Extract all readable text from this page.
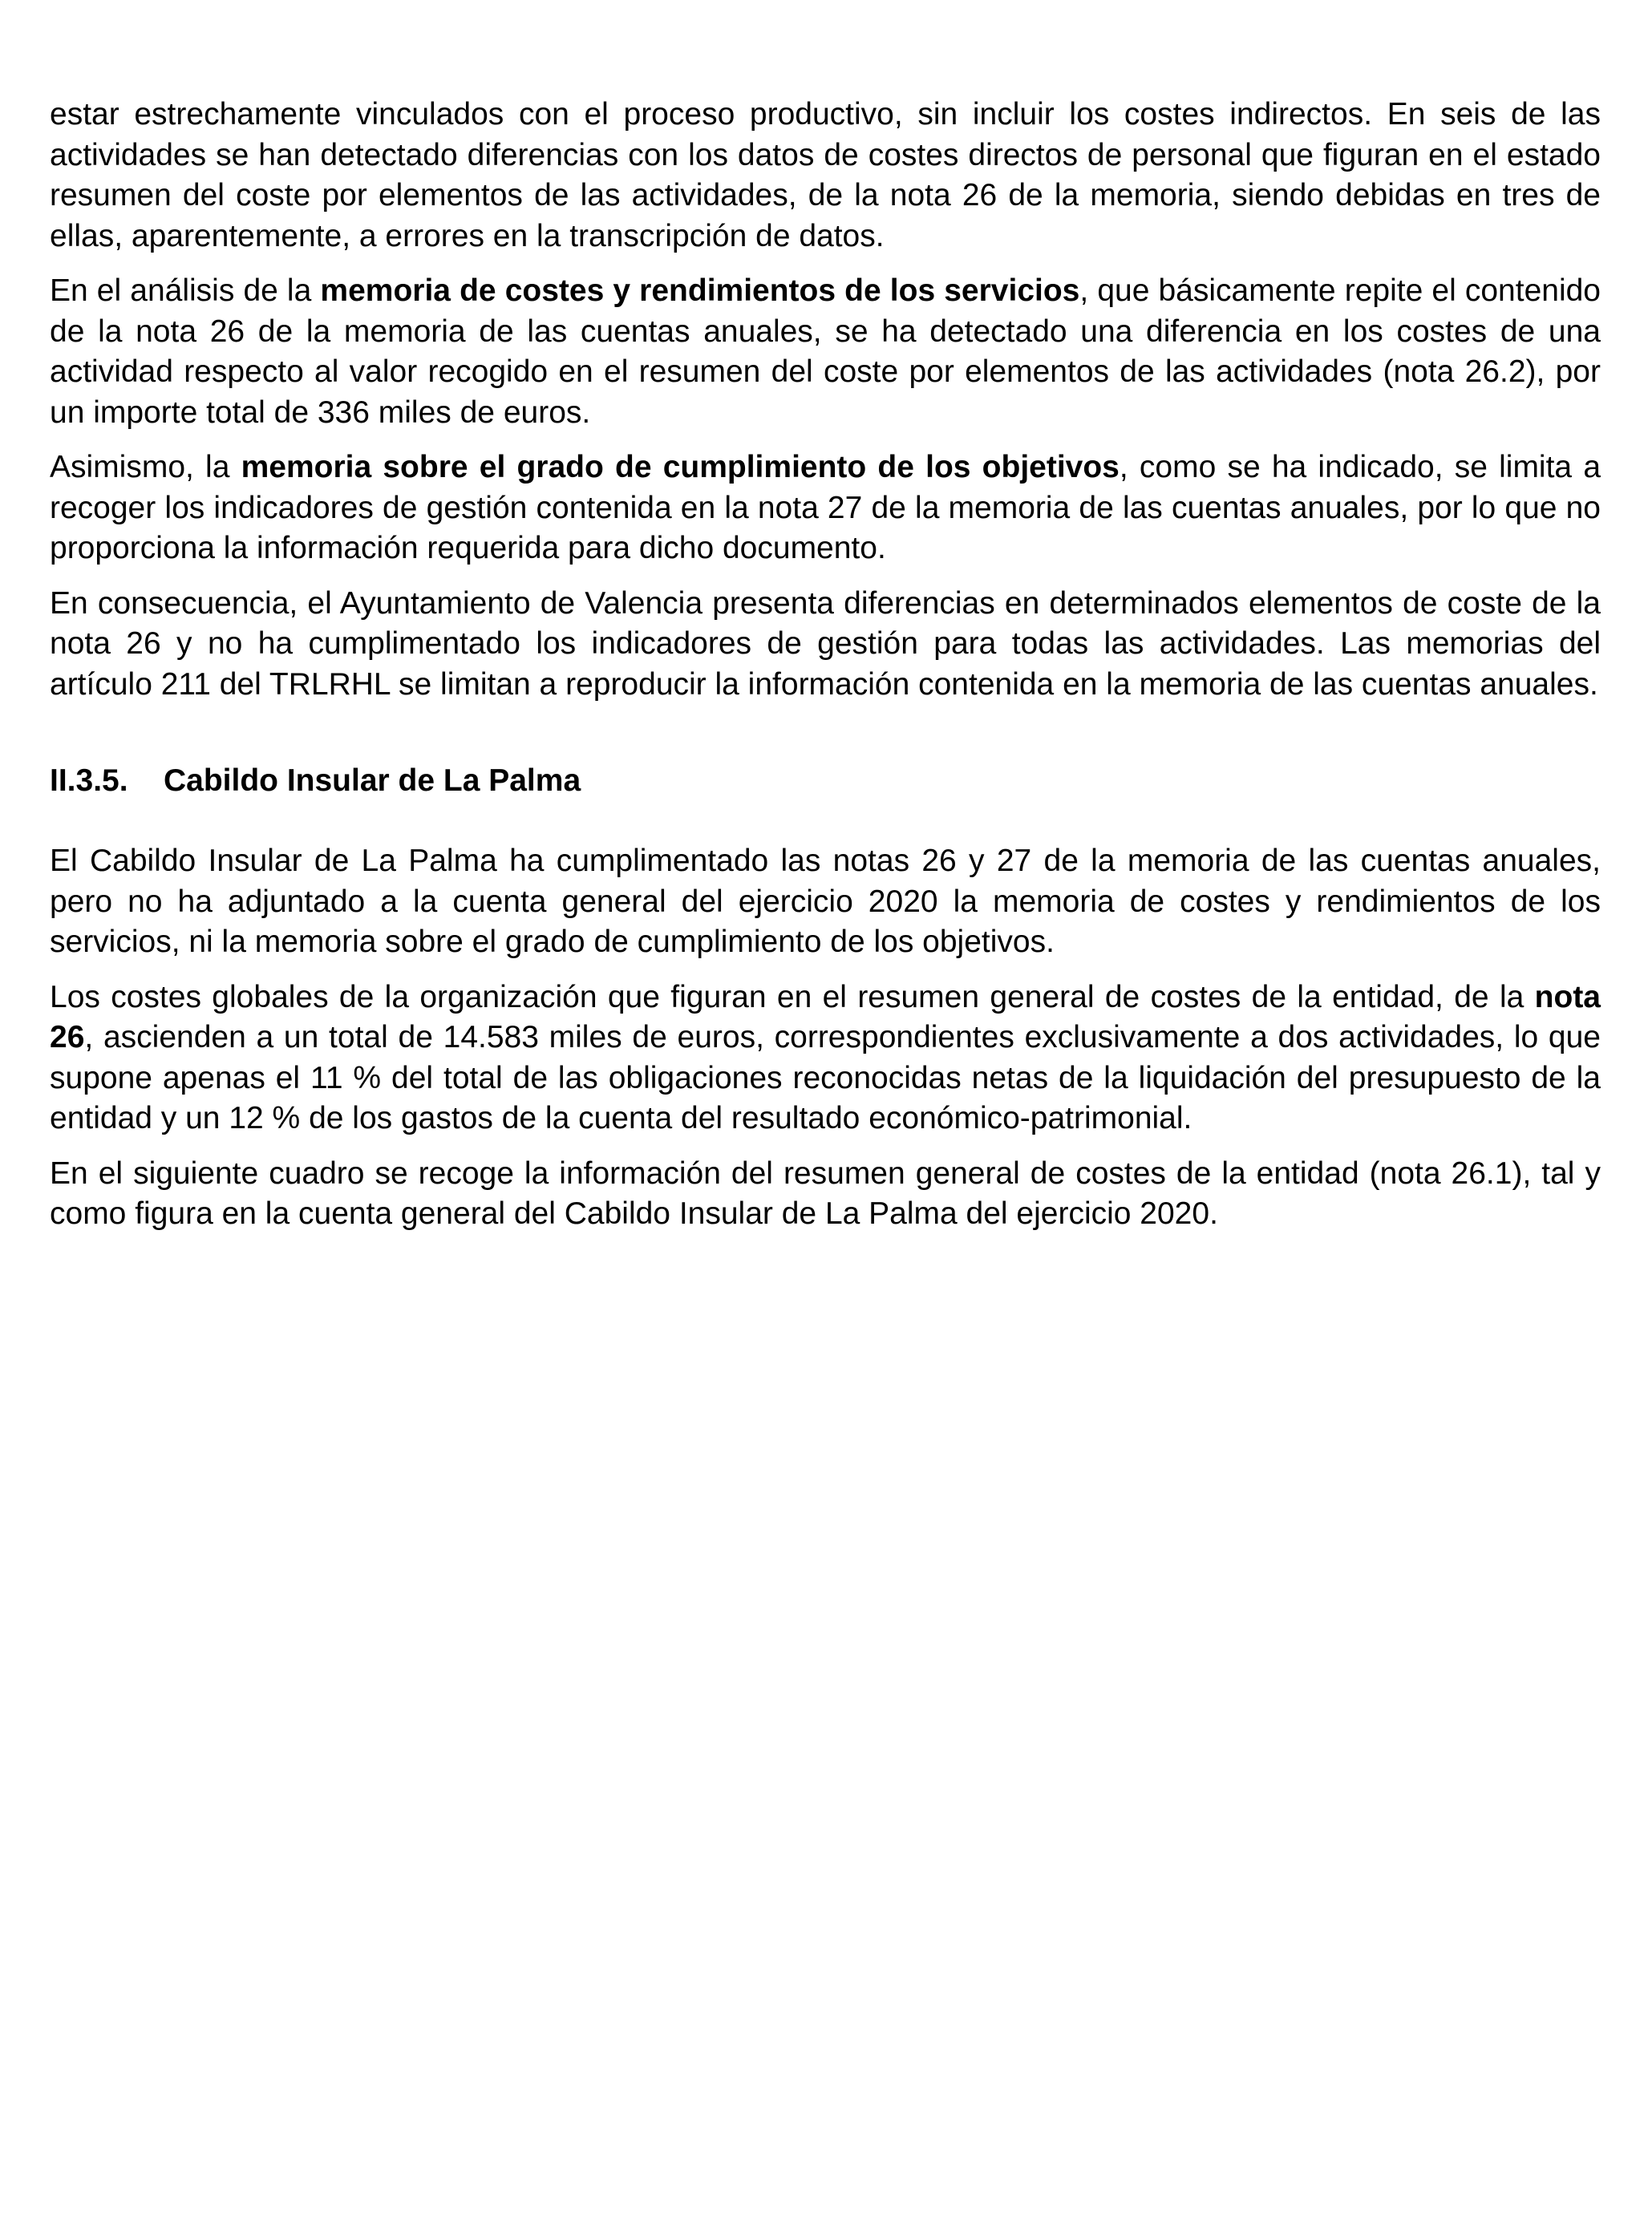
estar estrechamente vinculados con el proceso productivo, sin incluir los costes indirectos. En seis de las actividades se han detectado diferencias con los datos de costes directos de personal que figuran en el estado resumen del coste por elementos de las actividades, de la nota 26 de la memoria, siendo debidas en tres de ellas, aparentemente, a errores en la transcripción de datos.

En el análisis de la memoria de costes y rendimientos de los servicios, que básicamente repite el contenido de la nota 26 de la memoria de las cuentas anuales, se ha detectado una diferencia en los costes de una actividad respecto al valor recogido en el resumen del coste por elementos de las actividades (nota 26.2), por un importe total de 336 miles de euros.

Asimismo, la memoria sobre el grado de cumplimiento de los objetivos, como se ha indicado, se limita a recoger los indicadores de gestión contenida en la nota 27 de la memoria de las cuentas anuales, por lo que no proporciona la información requerida para dicho documento.

En consecuencia, el Ayuntamiento de Valencia presenta diferencias en determinados elementos de coste de la nota 26 y no ha cumplimentado los indicadores de gestión para todas las actividades. Las memorias del artículo 211 del TRLRHL se limitan a reproducir la información contenida en la memoria de las cuentas anuales.

II.3.5.	Cabildo Insular de La Palma

El Cabildo Insular de La Palma ha cumplimentado las notas 26 y 27 de la memoria de las cuentas anuales, pero no ha adjuntado a la cuenta general del ejercicio 2020 la memoria de costes y rendimientos de los servicios, ni la memoria sobre el grado de cumplimiento de los objetivos.

Los costes globales de la organización que figuran en el resumen general de costes de la entidad, de la nota 26, ascienden a un total de 14.583 miles de euros, correspondientes exclusivamente a dos actividades, lo que supone apenas el 11 % del total de las obligaciones reconocidas netas de la liquidación del presupuesto de la entidad y un 12 % de los gastos de la cuenta del resultado económico-patrimonial.

En el siguiente cuadro se recoge la información del resumen general de costes de la entidad (nota 26.1), tal y como figura en la cuenta general del Cabildo Insular de La Palma del ejercicio 2020.
